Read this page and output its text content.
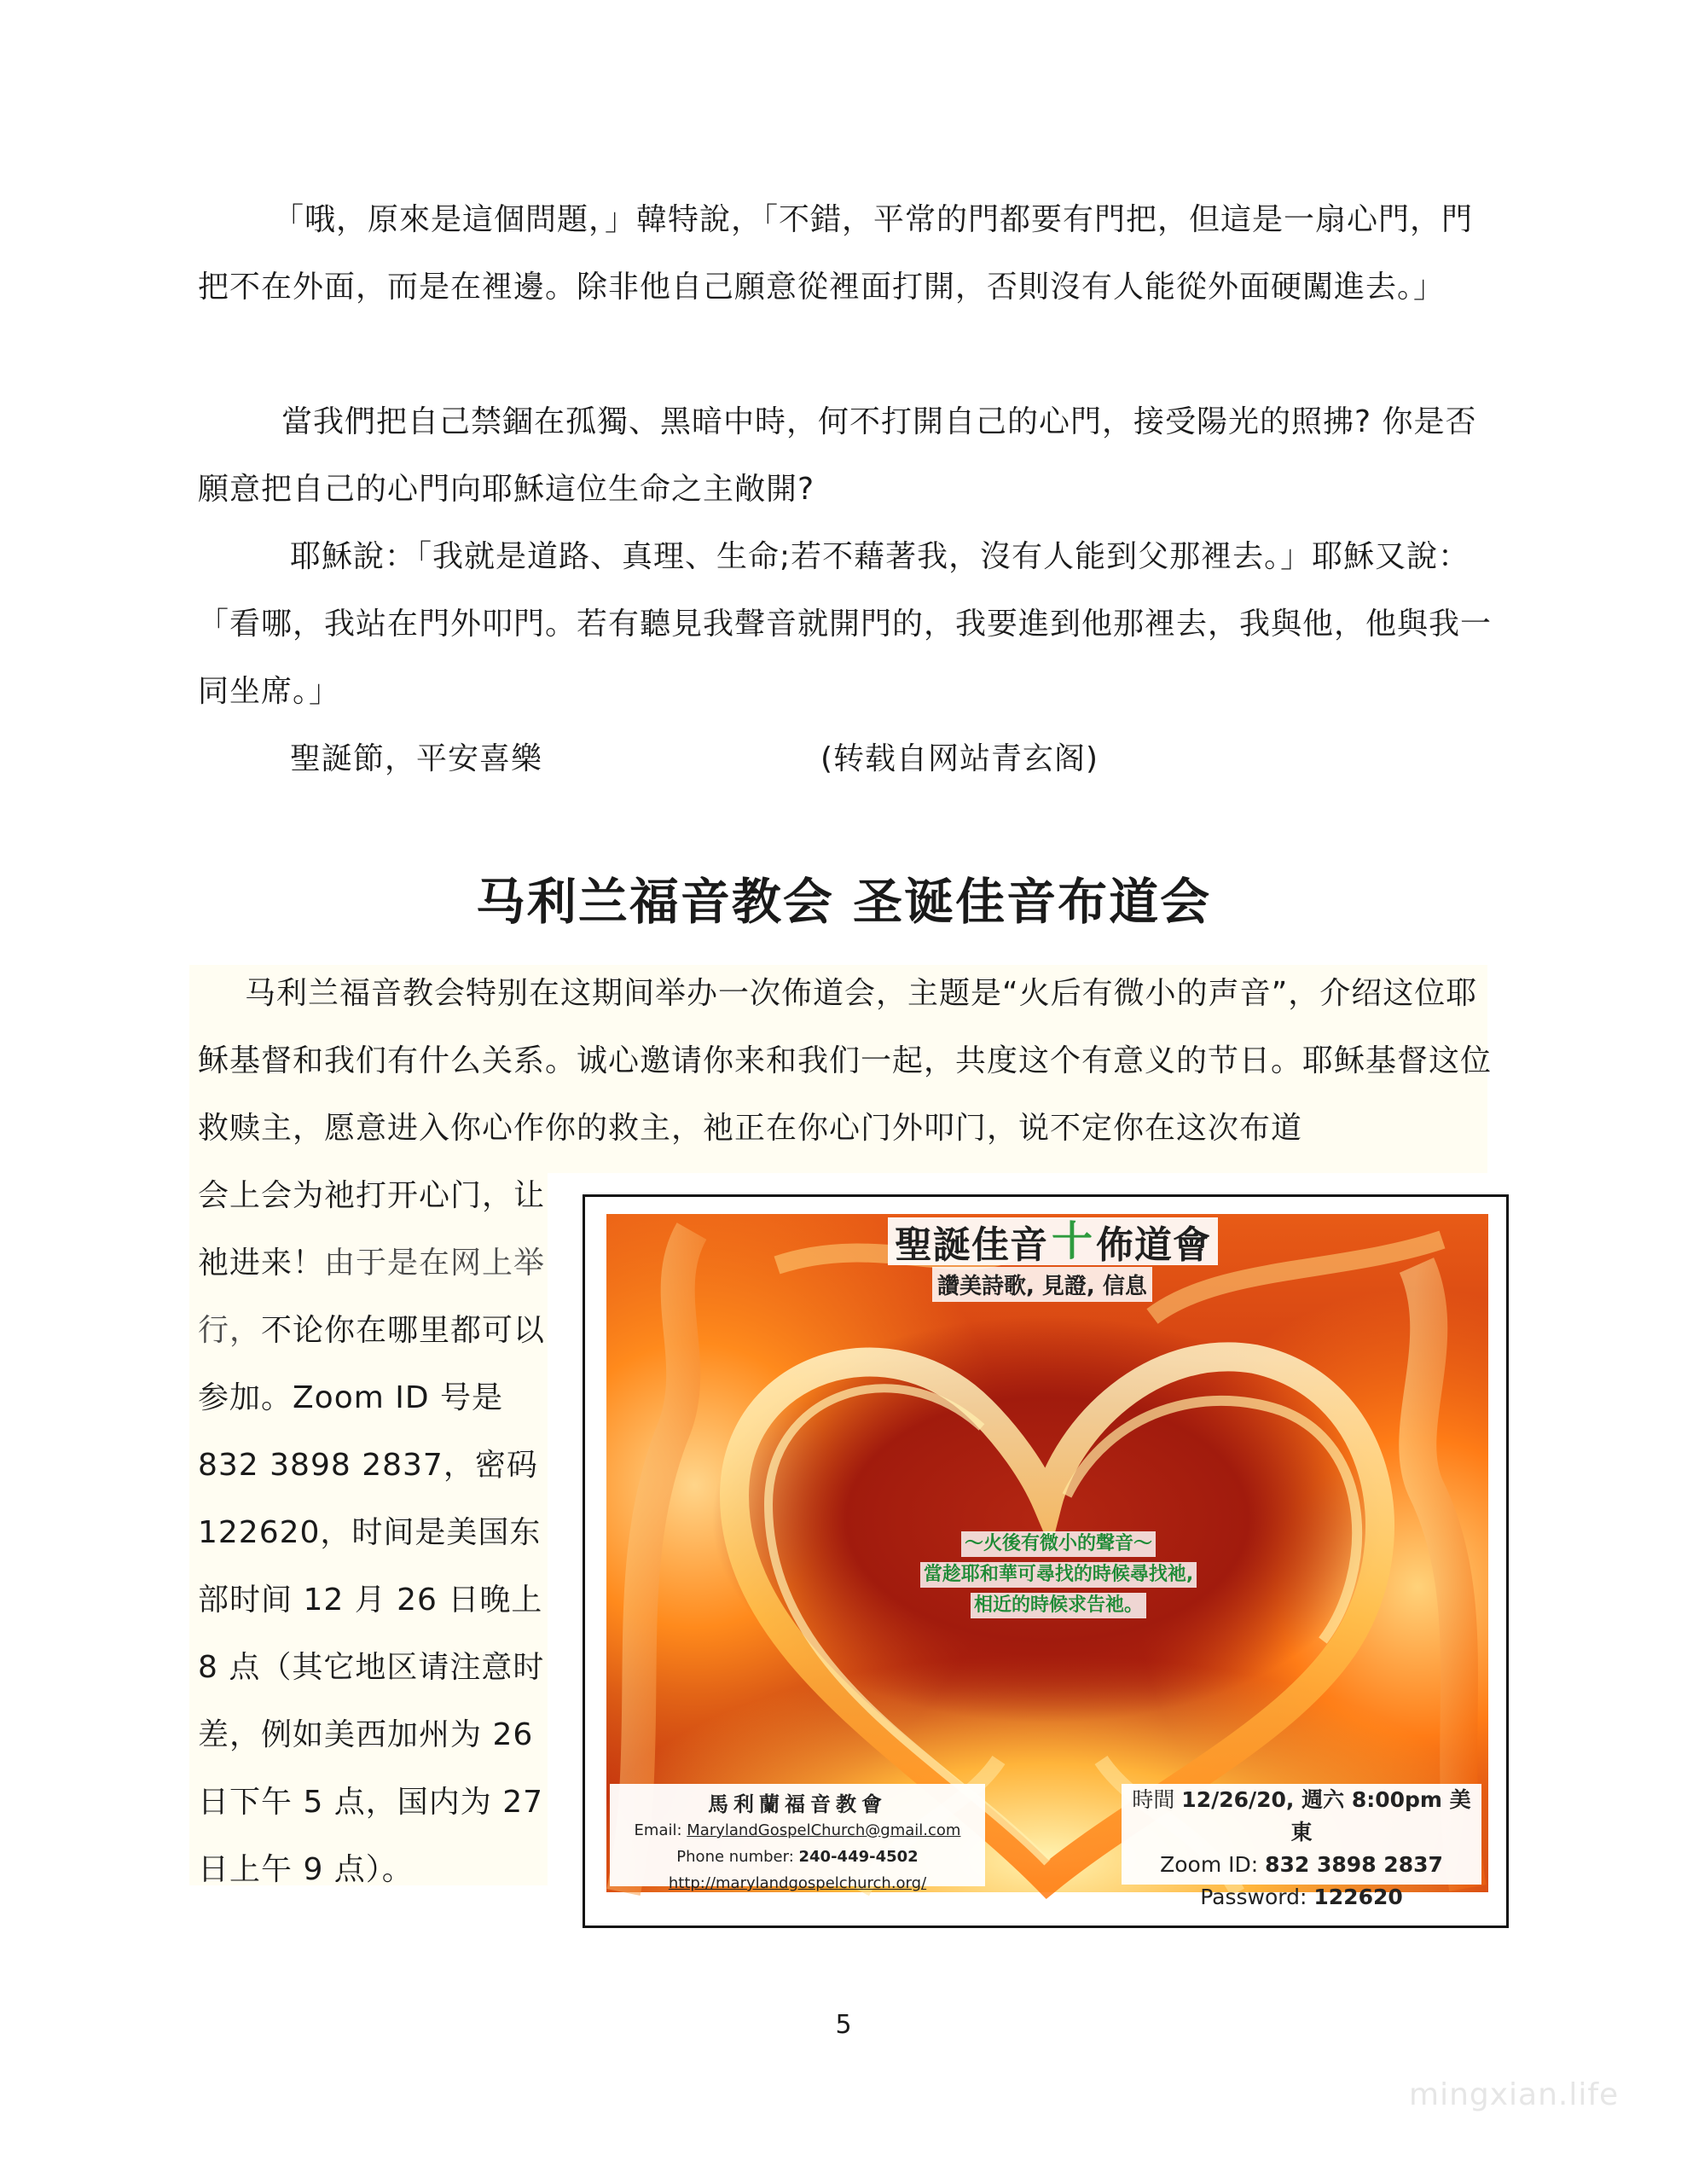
「哦，原來是這個問題，」韓特說，「不錯，平常的門都要有門把，但這是一扇心門，門把不在外面，而是在裡邊。除非他自己願意從裡面打開，否則沒有人能從外面硬闖進去。」

當我們把自己禁錮在孤獨、黑暗中時，何不打開自己的心門，接受陽光的照拂? 你是否願意把自己的心門向耶穌這位生命之主敞開?

耶穌說：「我就是道路、真理、生命;若不藉著我，沒有人能到父那裡去。」耶穌又說：「看哪，我站在門外叩門。若有聽見我聲音就開門的，我要進到他那裡去，我與他，他與我一同坐席。」

聖誕節，平安喜樂	(转载自网站青玄阁)
马利兰福音教会 圣诞佳音布道会

马利兰福音教会特别在这期间举办一次佈道会，主题是“火后有微小的声音”，介绍这位耶稣基督和我们有什么关系。诚心邀请你来和我们一起，共度这个有意义的节日。耶稣基督这位救赎主，愿意进入你心作你的救主，祂正在你心门外叩门，说不定你在这次布道

会上会为祂打开心门，让祂进来！由于是在网上举行，不论你在哪里都可以参加。Zoom ID 号是 832 3898 2837，密码 122620，时间是美国东部时间 12 月 26 日晚上 8 点（其它地区请注意时差，例如美西加州为 26 日下午 5 点，国内为 27 日上午 9 点）。

聖誕佳音 十 佈道會
讚美詩歌, 見證, 信息
～火後有微小的聲音～
當趁耶和華可尋找的時候尋找祂,
相近的時候求告祂。
馬利蘭福音教會
Email: MarylandGospelChurch@gmail.com
Phone number: 240-449-4502
http://marylandgospelchurch.org/
時間 12/26/20, 週六 8:00pm 美東
Zoom ID: 832 3898 2837
Password: 122620
5
mingxian.life
